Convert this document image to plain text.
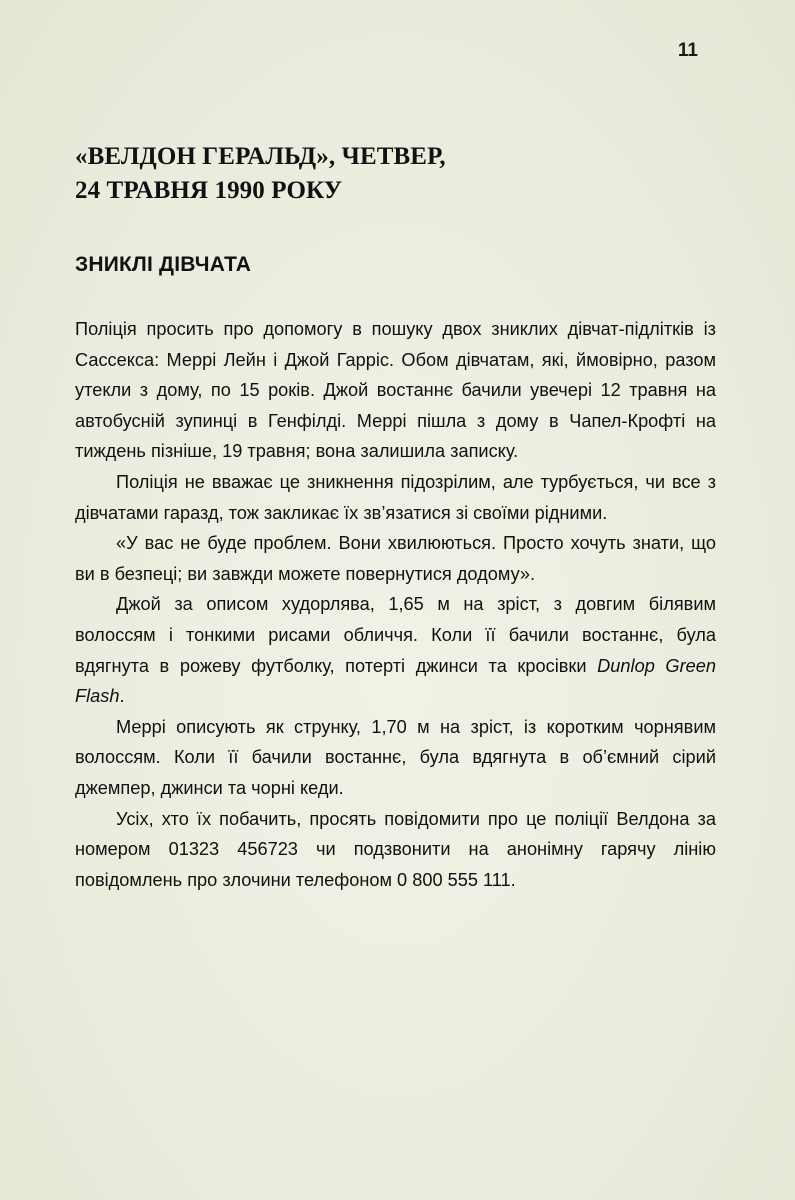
11
«ВЕЛДОН ГЕРАЛЬД», ЧЕТВЕР,
24 ТРАВНЯ 1990 РОКУ
ЗНИКЛІ ДІВЧАТА

Поліція просить про допомогу в пошуку двох зниклих дівчат-підлітків із Сассекса: Меррі Лейн і Джой Гарріс. Обом дівчатам, які, ймовірно, разом утекли з дому, по 15 років. Джой востаннє бачили увечері 12 травня на автобусній зупинці в Генфілді. Меррі пішла з дому в Чапел-Крофті на тиждень пізніше, 19 травня; вона залишила записку.

Поліція не вважає це зникнення підозрілим, але турбується, чи все з дівчатами гаразд, тож закликає їх зв’язатися зі своїми рідними.

«У вас не буде проблем. Вони хвилюються. Просто хочуть знати, що ви в безпеці; ви завжди можете повернутися додому».

Джой за описом худорлява, 1,65 м на зріст, з довгим білявим волоссям і тонкими рисами обличчя. Коли її бачили востаннє, була вдягнута в рожеву футболку, потерті джинси та кросівки Dunlop Green Flash.

Меррі описують як струнку, 1,70 м на зріст, із коротким чорнявим волоссям. Коли її бачили востаннє, була вдягнута в об’ємний сірий джемпер, джинси та чорні кеди.

Усіх, хто їх побачить, просять повідомити про це поліції Велдона за номером 01323 456723 чи подзвонити на анонімну гарячу лінію повідомлень про злочини телефоном 0 800 555 111.
